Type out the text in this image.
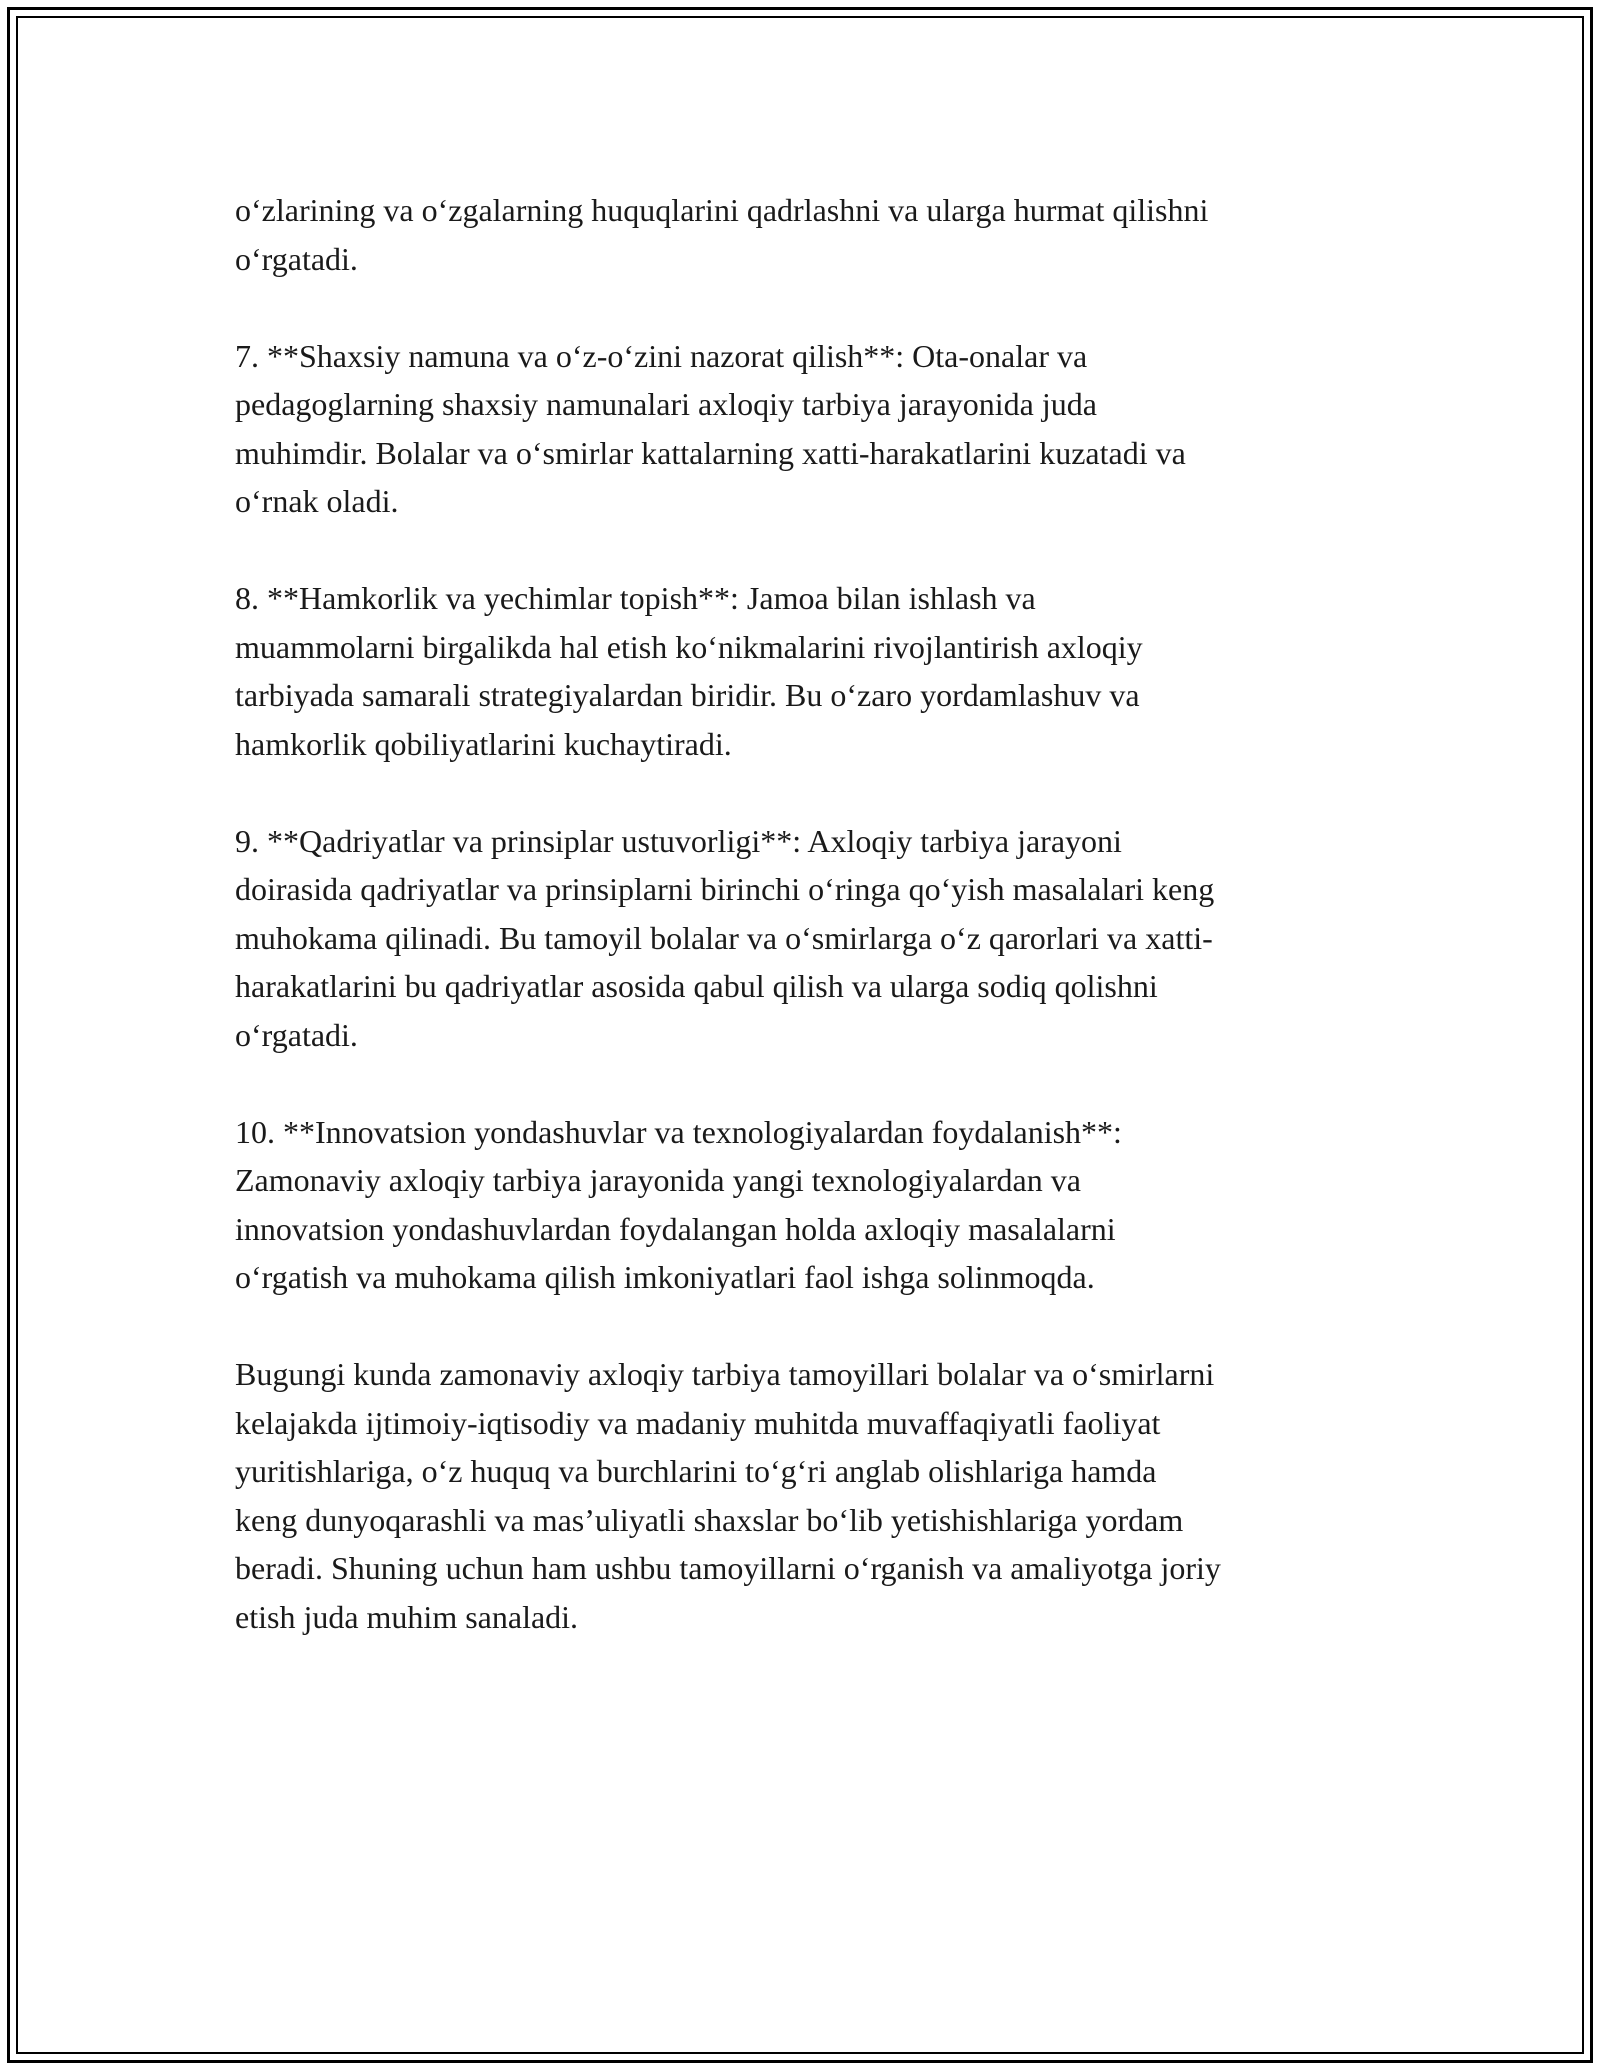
o‘zlarining va o‘zgalarning huquqlarini qadrlashni va ularga hurmat qilishni
o‘rgatadi.

7. **Shaxsiy namuna va o‘z-o‘zini nazorat qilish**: Ota-onalar va
pedagoglarning shaxsiy namunalari axloqiy tarbiya jarayonida juda
muhimdir. Bolalar va o‘smirlar kattalarning xatti-harakatlarini kuzatadi va
o‘rnak oladi.

8. **Hamkorlik va yechimlar topish**: Jamoa bilan ishlash va
muammolarni birgalikda hal etish ko‘nikmalarini rivojlantirish axloqiy
tarbiyada samarali strategiyalardan biridir. Bu o‘zaro yordamlashuv va
hamkorlik qobiliyatlarini kuchaytiradi.

9. **Qadriyatlar va prinsiplar ustuvorligi**: Axloqiy tarbiya jarayoni
doirasida qadriyatlar va prinsiplarni birinchi o‘ringa qo‘yish masalalari keng
muhokama qilinadi. Bu tamoyil bolalar va o‘smirlarga o‘z qarorlari va xatti-
harakatlarini bu qadriyatlar asosida qabul qilish va ularga sodiq qolishni
o‘rgatadi.

10. **Innovatsion yondashuvlar va texnologiyalardan foydalanish**:
Zamonaviy axloqiy tarbiya jarayonida yangi texnologiyalardan va
innovatsion yondashuvlardan foydalangan holda axloqiy masalalarni
o‘rgatish va muhokama qilish imkoniyatlari faol ishga solinmoqda.

Bugungi kunda zamonaviy axloqiy tarbiya tamoyillari bolalar va o‘smirlarni
kelajakda ijtimoiy-iqtisodiy va madaniy muhitda muvaffaqiyatli faoliyat
yuritishlariga, o‘z huquq va burchlarini to‘g‘ri anglab olishlariga hamda
keng dunyoqarashli va mas’uliyatli shaxslar bo‘lib yetishishlariga yordam
beradi. Shuning uchun ham ushbu tamoyillarni o‘rganish va amaliyotga joriy
etish juda muhim sanaladi.
